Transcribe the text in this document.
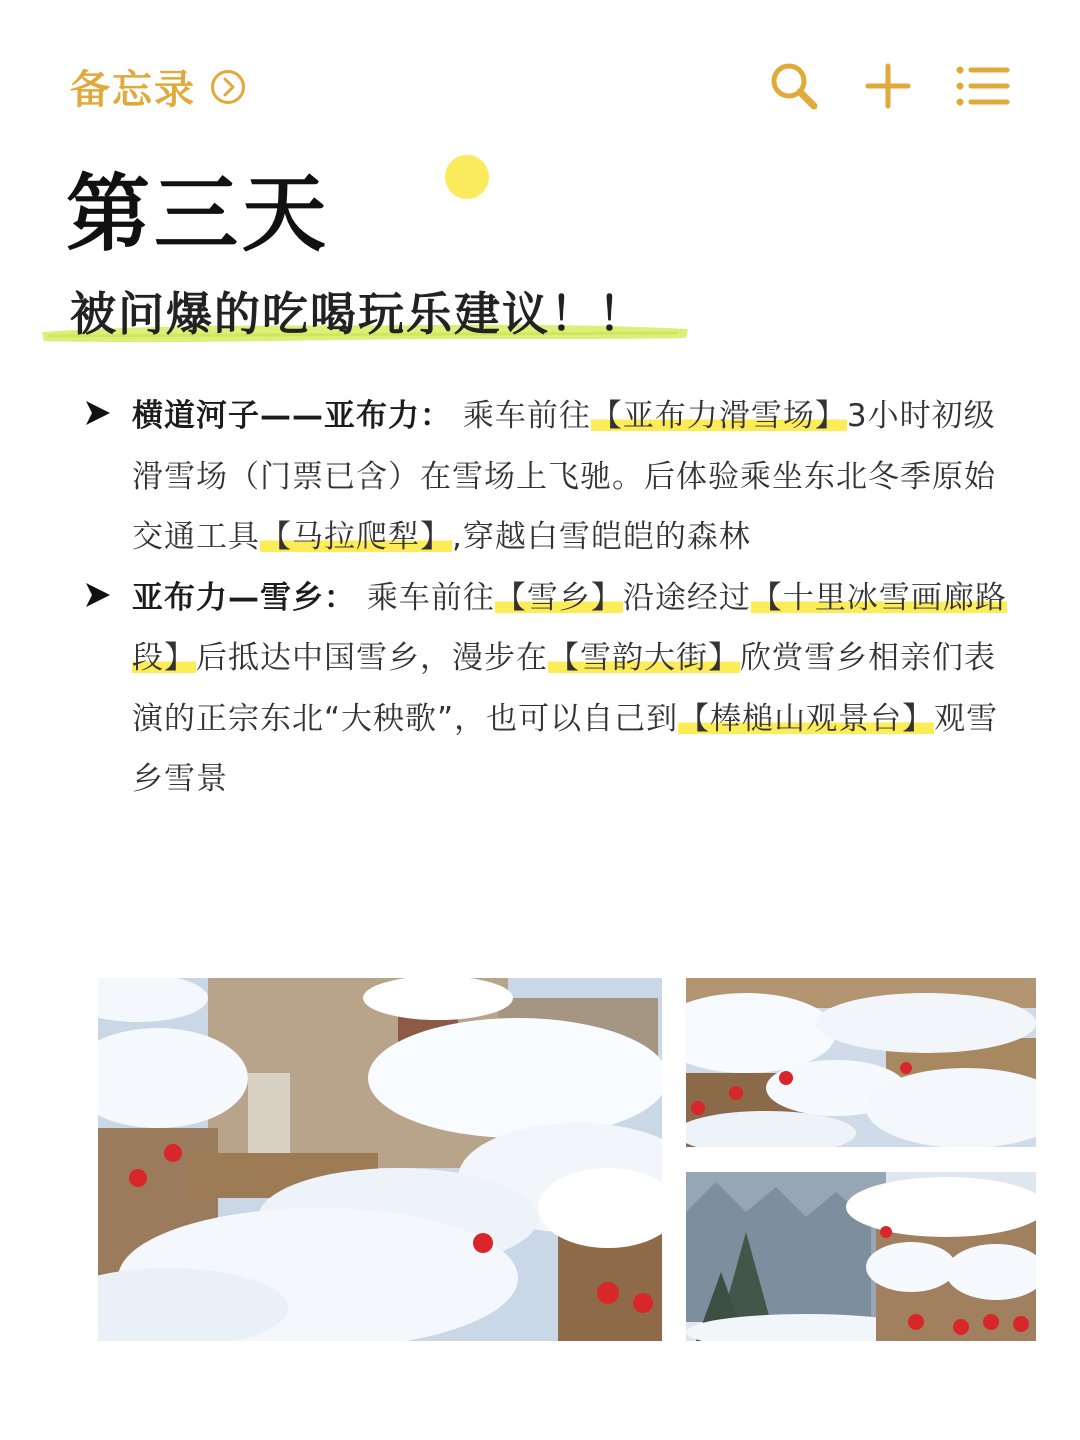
备忘录
第三天
被问爆的吃喝玩乐建议！！
横道河子——亚布力： 乘车前往【亚布力滑雪场】3小时初级滑雪场（门票已含）在雪场上飞驰。后体验乘坐东北冬季原始交通工具【马拉爬犁】,穿越白雪皑皑的森林
亚布力—雪乡： 乘车前往【雪乡】沿途经过【十里冰雪画廊路段】后抵达中国雪乡，漫步在【雪韵大街】欣赏雪乡相亲们表演的正宗东北“大秧歌”，也可以自己到【棒槌山观景台】观雪乡雪景
